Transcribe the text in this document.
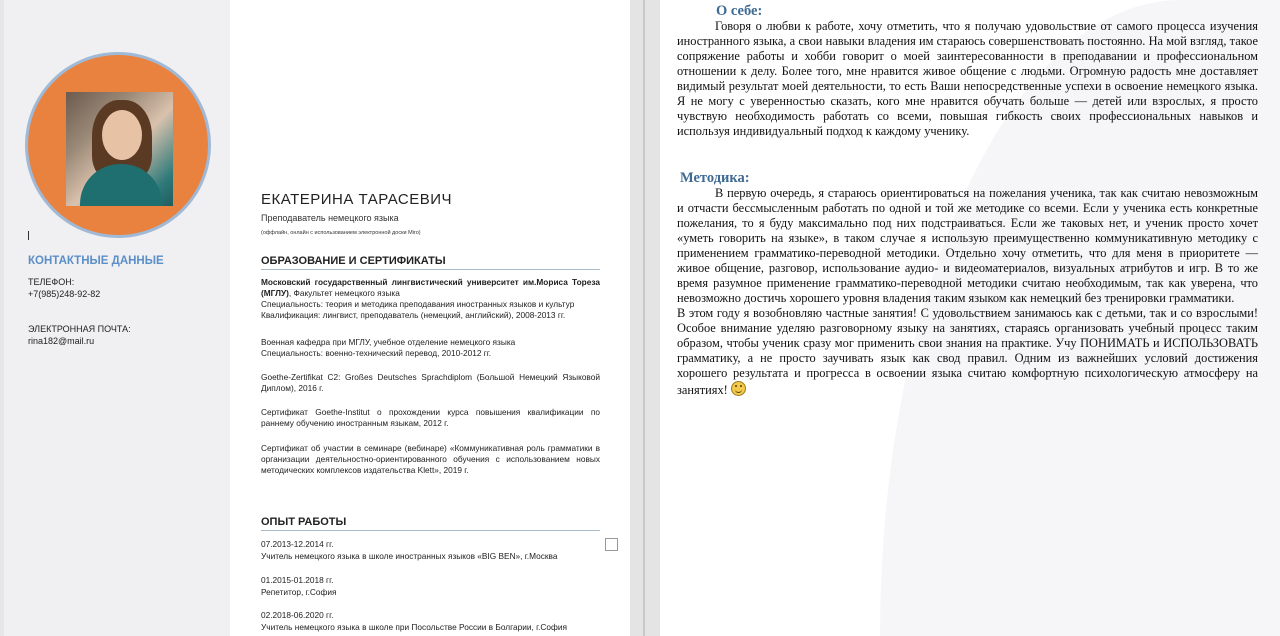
КОНТАКТНЫЕ ДАННЫЕ
ТЕЛЕФОН:
+7(985)248-92-82
ЭЛЕКТРОННАЯ ПОЧТА:
rina182@mail.ru
ЕКАТЕРИНА ТАРАСЕВИЧ
Преподаватель немецкого языка
(оффлайн, онлайн с использованием электронной доски Miro)
ОБРАЗОВАНИЕ И СЕРТИФИКАТЫ
Московский государственный лингвистический университет им.Мориса Тореза (МГЛУ), Факультет немецкого языка
Специальность: теория и методика преподавания иностранных языков и культур
Квалификация: лингвист, преподаватель (немецкий, английский), 2008-2013 гг.
Военная кафедра при МГЛУ, учебное отделение немецкого языка
Специальность: военно-технический перевод, 2010-2012 гг.
Goethe-Zertifikat C2: Großes Deutsches Sprachdiplom (Большой Немецкий Языковой Диплом), 2016 г.
Сертификат Goethe-Institut о прохождении курса повышения квалификации по раннему обучению иностранным языкам, 2012 г.
Сертификат об участии в семинаре (вебинаре) «Коммуникативная роль грамматики в организации деятельностно-ориентированного обучения с использованием новых методических комплексов издательства Klett», 2019 г.
ОПЫТ РАБОТЫ
07.2013-12.2014 гг.
Учитель немецкого языка в школе иностранных языков «BIG BEN», г.Москва
01.2015-01.2018 гг.
Репетитор, г.София
02.2018-06.2020 гг.
Учитель немецкого языка в школе при Посольстве России в Болгарии, г.София
О себе:

Говоря о любви к работе, хочу отметить, что я получаю удовольствие от самого процесса изучения иностранного языка, а свои навыки владения им стараюсь совершенствовать постоянно. На мой взгляд, такое сопряжение работы и хобби говорит о моей заинтересованности в преподавании и профессиональном отношении к делу. Более того, мне нравится живое общение с людьми. Огромную радость мне доставляет видимый результат моей деятельности, то есть Ваши непосредственные успехи в освоение немецкого языка. Я не могу с уверенностью сказать, кого мне нравится обучать больше — детей или взрослых, я просто чувствую необходимость работать со всеми, повышая гибкость своих профессиональных навыков и используя индивидуальный подход к каждому ученику.

Методика:

В первую очередь, я стараюсь ориентироваться на пожелания ученика, так как считаю невозможным и отчасти бессмысленным работать по одной и той же методике со всеми. Если у ученика есть конкретные пожелания, то я буду максимально под них подстраиваться. Если же таковых нет, и ученик просто хочет «уметь говорить на языке», в таком случае я использую преимущественно коммуникативную методику с применением грамматико-переводной методики. Отдельно хочу отметить, что для меня в приоритете — живое общение, разговор, использование аудио- и видеоматериалов, визуальных атрибутов и игр. В то же время разумное применение грамматико-переводной методики считаю необходимым, так как уверена, что невозможно достичь хорошего уровня владения таким языком как немецкий без тренировки грамматики.

В этом году я возобновляю частные занятия! С удовольствием занимаюсь как с детьми, так и со взрослыми! Особое внимание уделяю разговорному языку на занятиях, стараясь организовать учебный процесс таким образом, чтобы ученик сразу мог применить свои знания на практике. Учу ПОНИМАТЬ и ИСПОЛЬЗОВАТЬ грамматику, а не просто заучивать язык как свод правил. Одним из важнейших условий достижения хорошего результата и прогресса в освоении языка считаю комфортную психологическую атмосферу на занятиях!
